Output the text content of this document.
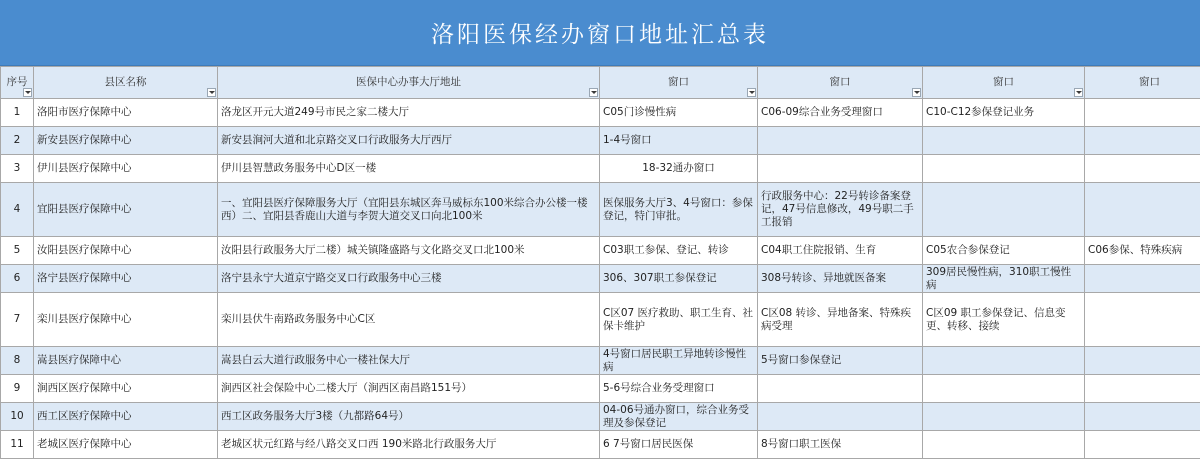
洛阳医保经办窗口地址汇总表
序号	县区名称	医保中心办事大厅地址	窗口	窗口	窗口	窗口

1	洛阳市医疗保障中心	洛龙区开元大道249号市民之家二楼大厅	C05门诊慢性病	C06-09综合业务受理窗口	C10-C12参保登记业务	
2	新安县医疗保障中心	新安县涧河大道和北京路交叉口行政服务大厅西厅	1-4号窗口			
3	伊川县医疗保障中心	伊川县智慧政务服务中心D区一楼	18-32通办窗口			
4	宜阳县医疗保障中心	一、宜阳县医疗保障服务大厅（宜阳县东城区奔马威标东100米综合办公楼一楼西）二、宜阳县香鹿山大道与李贺大道交叉口向北100米	医保服务大厅3、4号窗口：参保登记，特门审批。	行政服务中心：22号转诊备案登记，47号信息修改，49号职二手工报销		
5	汝阳县医疗保障中心	汝阳县行政服务大厅二楼）城关镇隆盛路与文化路交叉口北100米	C03职工参保、登记、转诊	C04职工住院报销、生育	C05农合参保登记	C06参保、特殊疾病
6	洛宁县医疗保障中心	洛宁县永宁大道京宁路交叉口行政服务中心三楼	306、307职工参保登记	308号转诊、异地就医备案	309居民慢性病，310职工慢性病	
7	栾川县医疗保障中心	栾川县伏牛南路政务服务中心C区	C区07 医疗救助、职工生育、社保卡维护	C区08 转诊、异地备案、特殊疾病受理	C区09 职工参保登记、信息变更、转移、接续	
8	嵩县医疗保障中心	嵩县白云大道行政服务中心一楼社保大厅	4号窗口居民职工异地转诊慢性病	5号窗口参保登记		
9	涧西区医疗保障中心	涧西区社会保险中心二楼大厅（涧西区南昌路151号）	5-6号综合业务受理窗口			
10	西工区医疗保障中心	西工区政务服务大厅3楼（九都路64号）	04-06号通办窗口，综合业务受理及参保登记			
11	老城区医疗保障中心	老城区状元红路与经八路交叉口西 190米路北行政服务大厅	6 7号窗口居民医保	8号窗口职工医保		
